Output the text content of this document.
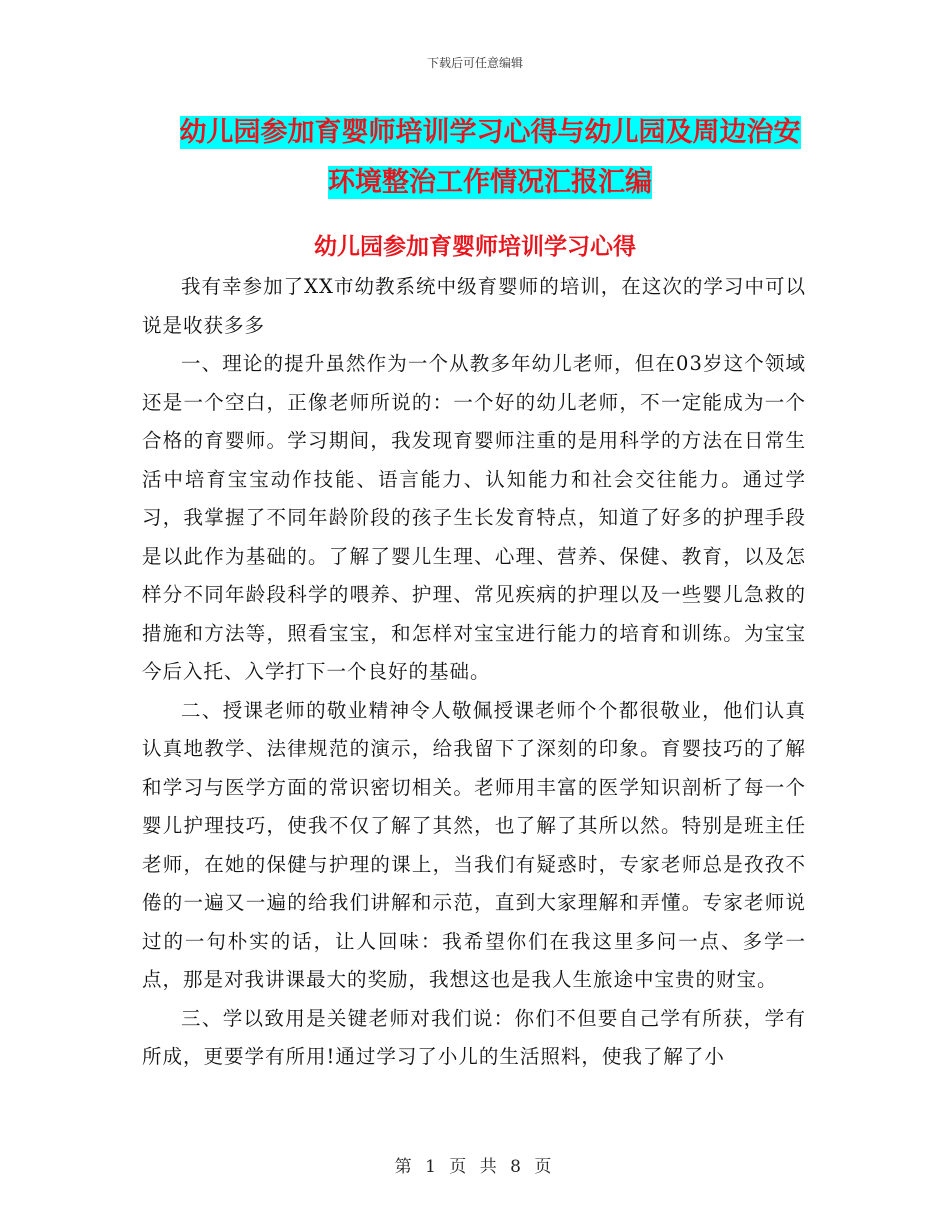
下载后可任意编辑
幼儿园参加育婴师培训学习心得与幼儿园及周边治安
环境整治工作情况汇报汇编
幼儿园参加育婴师培训学习心得

我有幸参加了XX市幼教系统中级育婴师的培训，在这次的学习中可以说是收获多多

一、理论的提升虽然作为一个从教多年幼儿老师，但在03岁这个领域还是一个空白，正像老师所说的：一个好的幼儿老师，不一定能成为一个合格的育婴师。学习期间，我发现育婴师注重的是用科学的方法在日常生活中培育宝宝动作技能、语言能力、认知能力和社会交往能力。通过学习，我掌握了不同年龄阶段的孩子生长发育特点，知道了好多的护理手段是以此作为基础的。了解了婴儿生理、心理、营养、保健、教育，以及怎样分不同年龄段科学的喂养、护理、常见疾病的护理以及一些婴儿急救的措施和方法等，照看宝宝，和怎样对宝宝进行能力的培育和训练。为宝宝今后入托、入学打下一个良好的基础。

二、授课老师的敬业精神令人敬佩授课老师个个都很敬业，他们认真认真地教学、法律规范的演示，给我留下了深刻的印象。育婴技巧的了解和学习与医学方面的常识密切相关。老师用丰富的医学知识剖析了每一个婴儿护理技巧，使我不仅了解了其然，也了解了其所以然。特别是班主任老师，在她的保健与护理的课上，当我们有疑惑时，专家老师总是孜孜不倦的一遍又一遍的给我们讲解和示范，直到大家理解和弄懂。专家老师说过的一句朴实的话，让人回味：我希望你们在我这里多问一点、多学一点，那是对我讲课最大的奖励，我想这也是我人生旅途中宝贵的财宝。

三、学以致用是关键老师对我们说：你们不但要自己学有所获，学有所成，更要学有所用!通过学习了小儿的生活照料，使我了解了小

第 1 页 共 8 页
